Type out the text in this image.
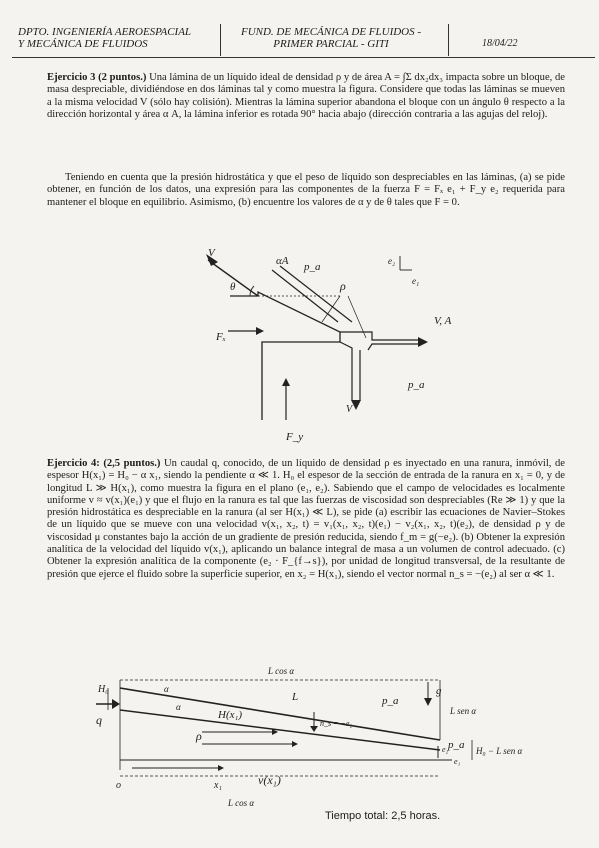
DPTO. INGENIERÍA AEROESPACIAL
Y MECÁNICA DE FLUIDOS
FUND. DE MECÁNICA DE FLUIDOS -
PRIMER PARCIAL - GITI	18/04/22
Ejercicio 3 (2 puntos.) Una lámina de un líquido ideal de densidad ρ y de área A = ∫Σ dx₂dx₃ impacta sobre un bloque, de masa despreciable, dividiéndose en dos láminas tal y como muestra la figura. Considere que todas las láminas se mueven a la misma velocidad V (sólo hay colisión). Mientras la lámina superior abandona el bloque con un ángulo θ respecto a la dirección horizontal y área α A, la lámina inferior es rotada 90° hacia abajo (dirección contraria a las agujas del reloj).
Teniendo en cuenta que la presión hidrostática y que el peso de líquido son despreciables en las láminas, (a) se pide obtener, en función de los datos, una expresión para las componentes de la fuerza F = Fₓ e₁ + F_y e₂ requerida para mantener el bloque en equilibrio. Asimismo, (b) encuentre los valores de α y de θ tales que F = 0.
V
αA p_a	e₂
e₁
θ	ρ
V, A
Fₓ
p_a
V
F_y
Ejercicio 4: (2,5 puntos.) Un caudal q, conocido, de un líquido de densidad ρ es inyectado en una ranura, inmóvil, de espesor H(x₁) = H₀ − α x₁, siendo la pendiente α ≪ 1. H₀ el espesor de la sección de entrada de la ranura en x₁ = 0, y de longitud L ≫ H(x₁), como muestra la figura en el plano (e₁, e₂). Sabiendo que el campo de velocidades es localmente uniforme v ≈ v(x₁)(e₁) y que el flujo en la ranura es tal que las fuerzas de viscosidad son despreciables (Re ≫ 1) y que la presión hidrostática es despreciable en la ranura (al ser H(x₁) ≪ L), se pide (a) escribir las ecuaciones de Navier–Stokes de un líquido que se mueve con una velocidad v(x₁, x₂, t) = v₁(x₁, x₂, t)(e₁) − v₂(x₁, x₂, t)(e₂), de densidad ρ y de viscosidad μ constantes bajo la acción de un gradiente de presión reducida, siendo f_m = g(−e₂). (b) Obtener la expresión analítica de la velocidad del líquido v(x₁), aplicando un balance integral de masa a un volumen de control adecuado. (c) Obtener la expresión analítica de la componente (e₂ · F_{f→s}), por unidad de longitud transversal, de la resultante de presión que ejerce el fluido sobre la superficie superior, en x₂ = H(x₁), siendo el vector normal n_s = −(e₂) al ser α ≪ 1.
L cos α
H₀	α
L	p_a
g
L sen α
q
α
H(x₁)
ρ
n_s = −e₂
e₂ p_a H₀ − L sen α
e₁
o	x₁	v(x₁)
L cos α
Tiempo total: 2,5 horas.
